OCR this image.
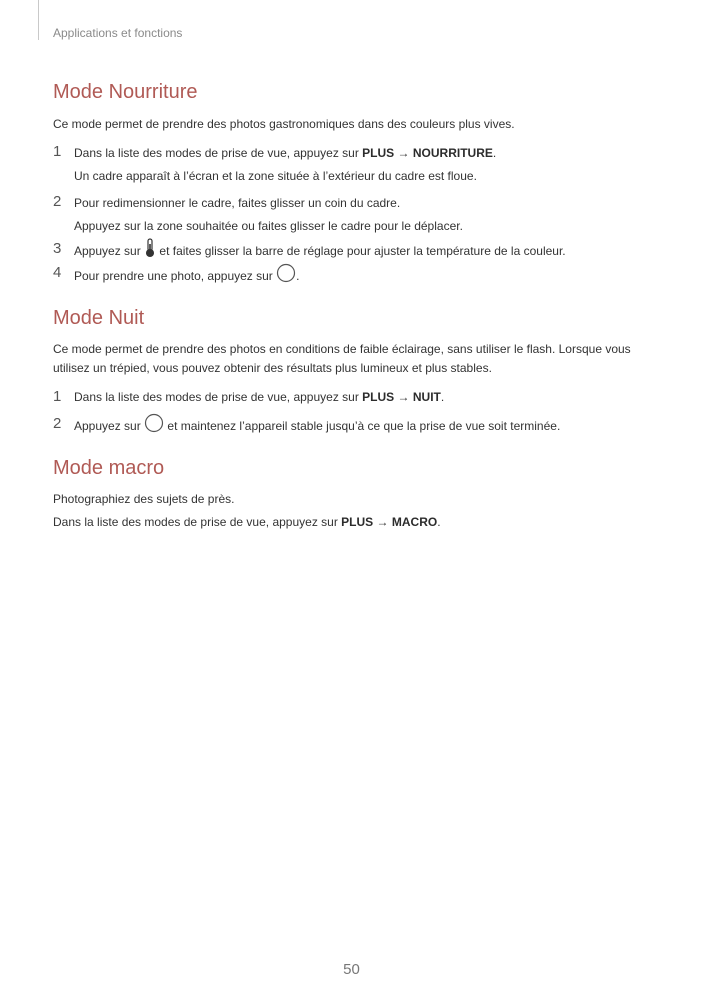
Applications et fonctions
Mode Nourriture

Ce mode permet de prendre des photos gastronomiques dans des couleurs plus vives.

1 Dans la liste des modes de prise de vue, appuyez sur PLUS → NOURRITURE.
Un cadre apparaît à l’écran et la zone située à l’extérieur du cadre est floue.
2 Pour redimensionner le cadre, faites glisser un coin du cadre.
Appuyez sur la zone souhaitée ou faites glisser le cadre pour le déplacer.
3 Appuyez sur et faites glisser la barre de réglage pour ajuster la température de la couleur.
4 Pour prendre une photo, appuyez sur .
Mode Nuit

Ce mode permet de prendre des photos en conditions de faible éclairage, sans utiliser le flash. Lorsque vous utilisez un trépied, vous pouvez obtenir des résultats plus lumineux et plus stables.

1 Dans la liste des modes de prise de vue, appuyez sur PLUS → NUIT.
2 Appuyez sur et maintenez l’appareil stable jusqu’à ce que la prise de vue soit terminée.
Mode macro

Photographiez des sujets de près.

Dans la liste des modes de prise de vue, appuyez sur PLUS → MACRO.

50
